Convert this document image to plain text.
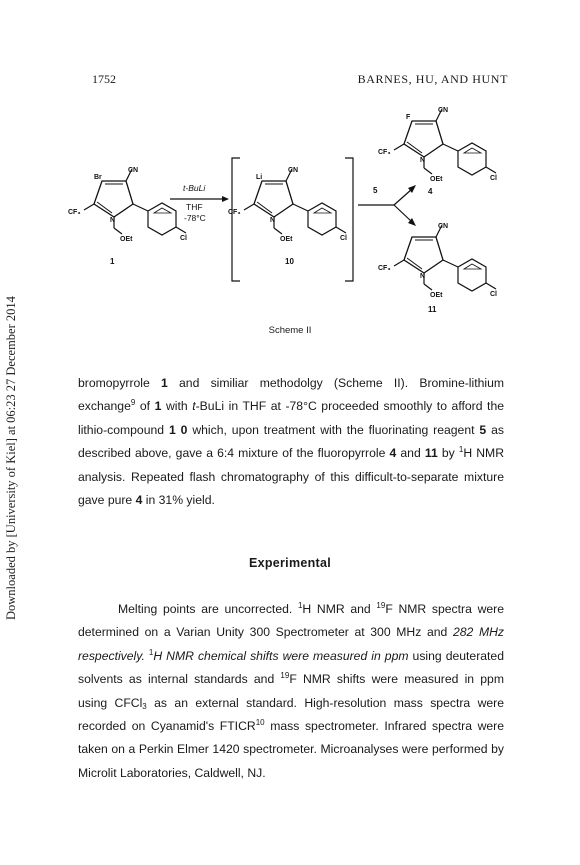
1752	BARNES, HU, AND HUNT
Downloaded by [University of Kiel] at 06:23 27 December 2014
Br
CN
CF₃
N
OEt	Cl
1
t-BuLi
THF
-78°C
Li
CN
CF₃
N
OEt	Cl
10
5
F
CN
CF₃
N
OEt	Cl
4
CN
CF₃
N
OEt	Cl
11
Scheme II

bromopyrrole 1 and similiar methodolgy (Scheme II). Bromine-lithium exchange$^9$ of 1 with t-BuLi in THF at -78°C proceeded smoothly to afford the lithio-compound 1 0 which, upon treatment with the fluorinating reagent 5 as described above, gave a 6:4 mixture of the fluoropyrrole 4 and 11 by $^1$H NMR analysis. Repeated flash chromatography of this difficult-to-separate mixture gave pure 4 in 31% yield.

Experimental

Melting points are uncorrected. $^1$H NMR and $^{19}$F NMR spectra were determined on a Varian Unity 300 Spectrometer at 300 MHz and 282 MHz respectively. $^1$H NMR chemical shifts were measured in ppm using deuterated solvents as internal standards and $^{19}$F NMR shifts were measured in ppm using CFCl$_3$ as an external standard. High-resolution mass spectra were recorded on Cyanamid's FTICR$^{10}$ mass spectrometer. Infrared spectra were taken on a Perkin Elmer 1420 spectrometer. Microanalyses were performed by Microlit Laboratories, Caldwell, NJ.
